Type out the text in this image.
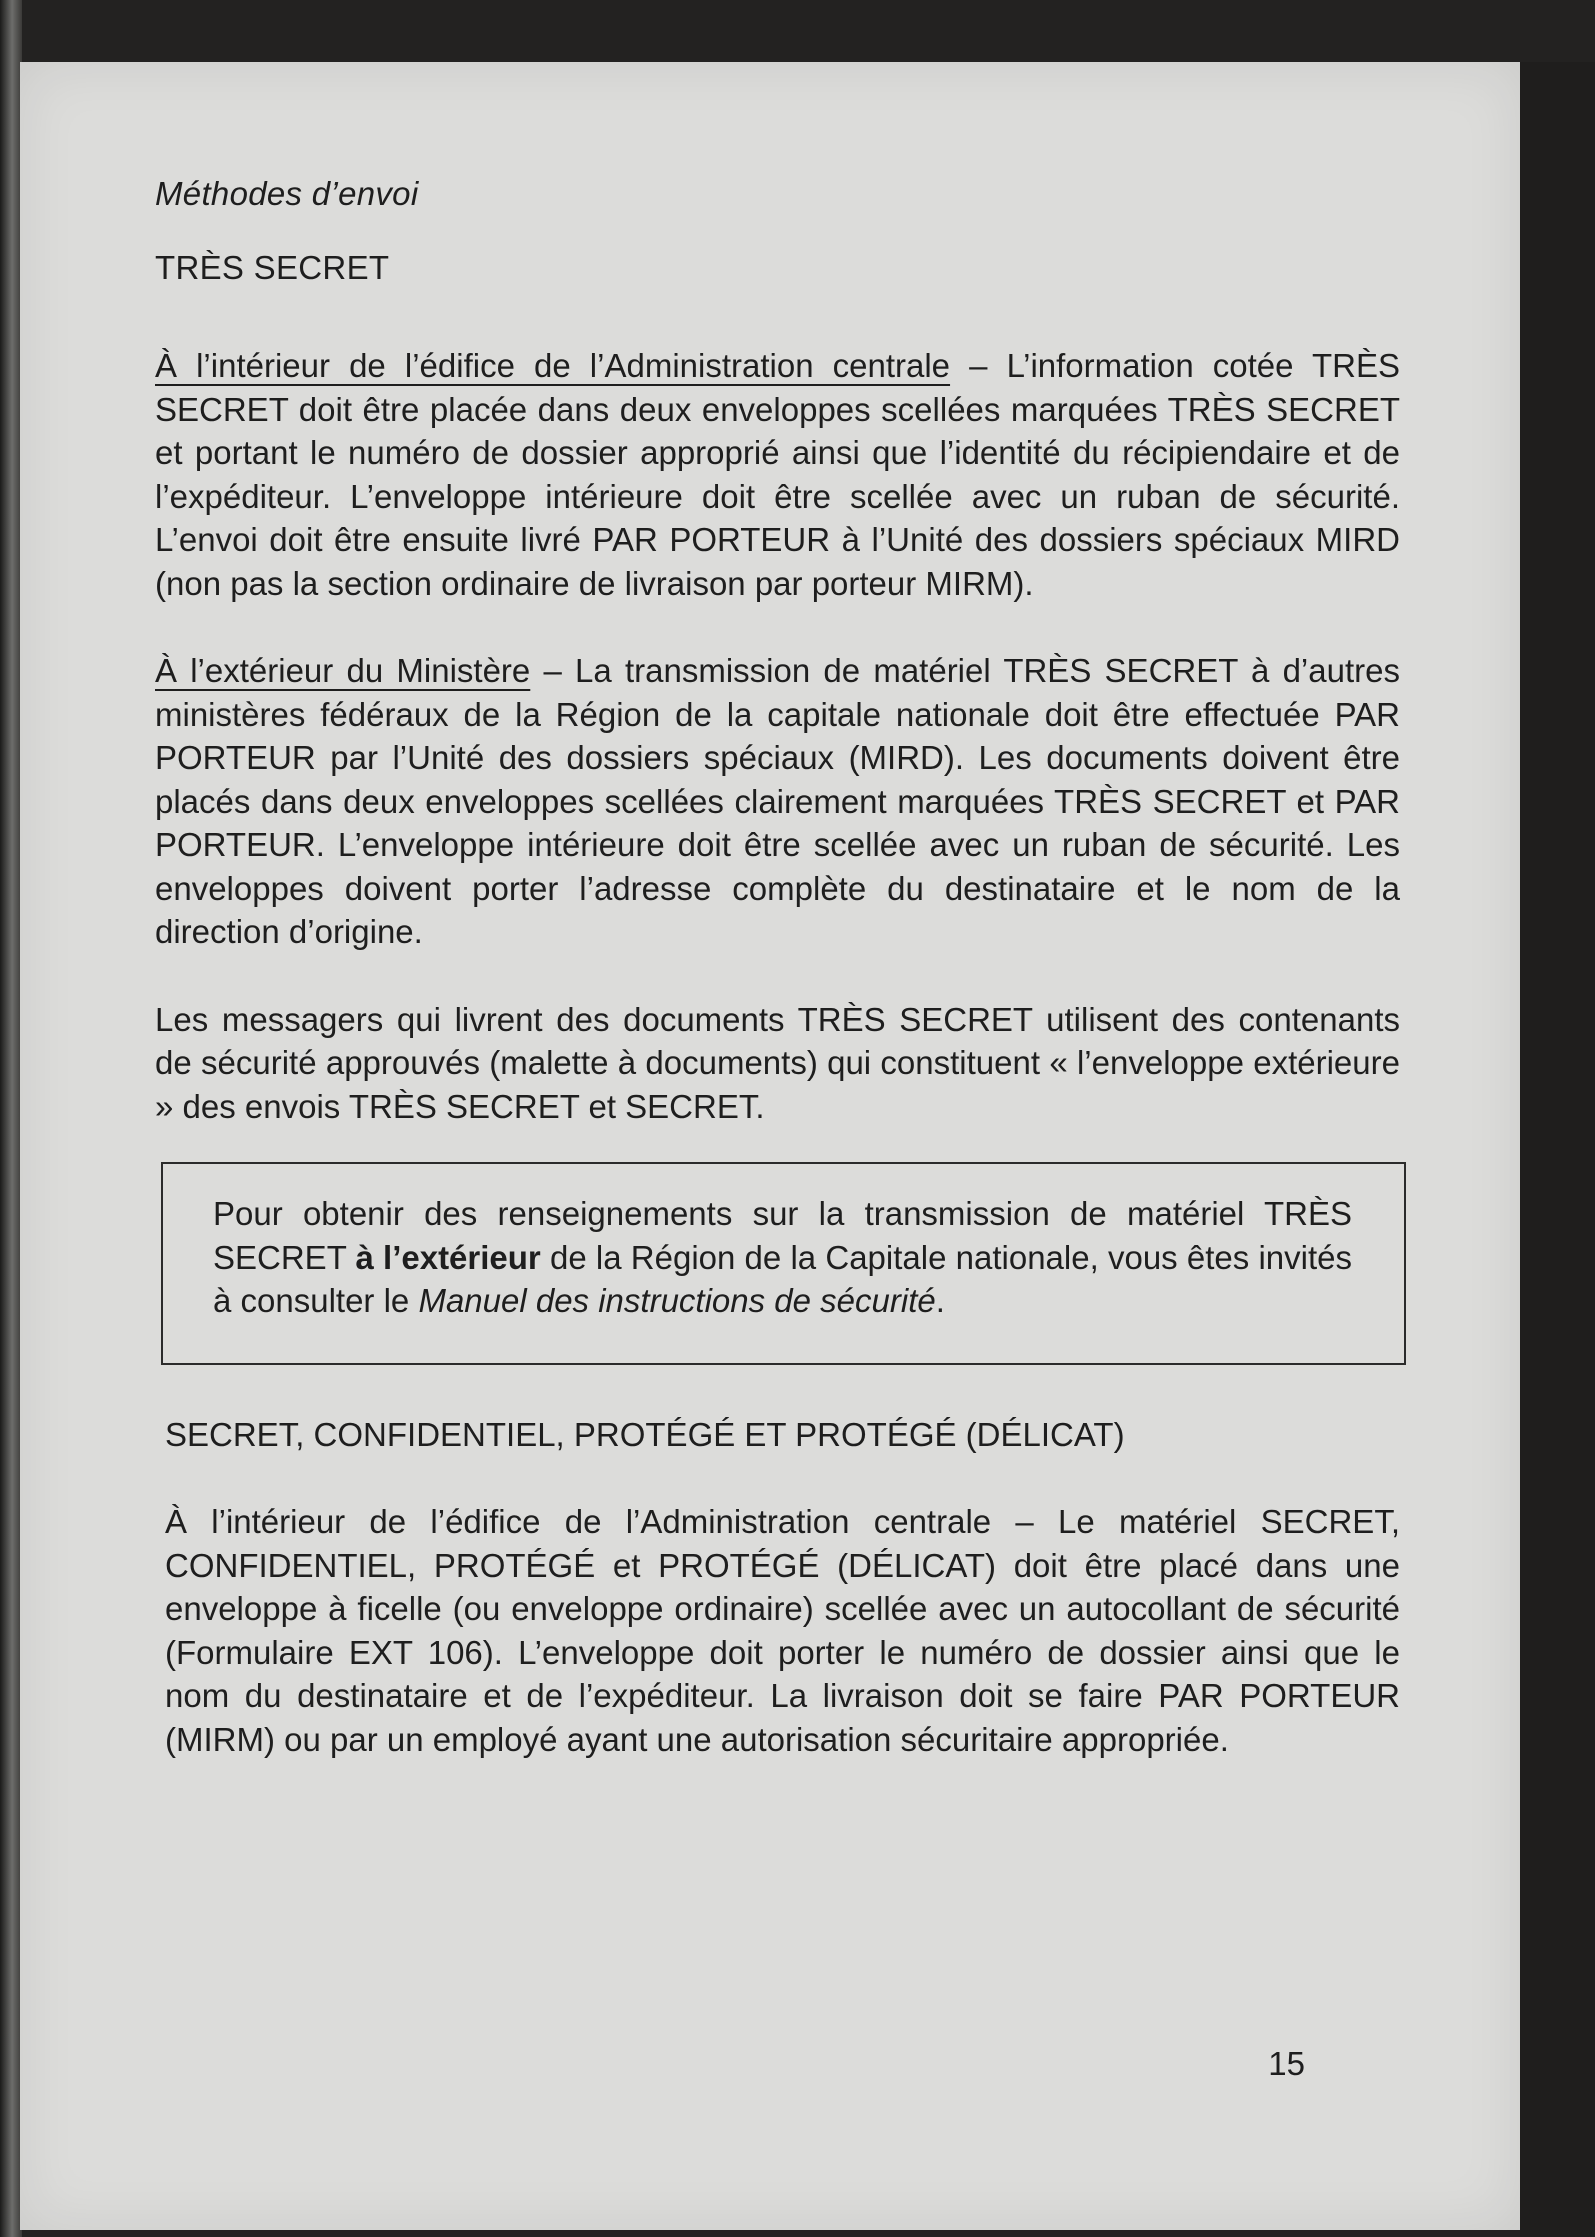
Méthodes d’envoi

TRÈS SECRET

À l’intérieur de l’édifice de l’Administration centrale – L’information cotée TRÈS SECRET doit être placée dans deux enveloppes scellées marquées TRÈS SECRET et portant le numéro de dossier approprié ainsi que l’identité du récipiendaire et de l’expéditeur. L’enveloppe intérieure doit être scellée avec un ruban de sécurité. L’envoi doit être ensuite livré PAR PORTEUR à l’Unité des dossiers spéciaux MIRD (non pas la section ordinaire de livraison par porteur MIRM).

À l’extérieur du Ministère – La transmission de matériel TRÈS SECRET à d’autres ministères fédéraux de la Région de la capitale nationale doit être effectuée PAR PORTEUR par l’Unité des dossiers spéciaux (MIRD). Les documents doivent être placés dans deux enveloppes scellées clairement marquées TRÈS SECRET et PAR PORTEUR. L’enveloppe intérieure doit être scellée avec un ruban de sécurité. Les enveloppes doivent porter l’adresse complète du destinataire et le nom de la direction d’origine.

Les messagers qui livrent des documents TRÈS SECRET utilisent des contenants de sécurité approuvés (malette à documents) qui constituent « l’enveloppe extérieure » des envois TRÈS SECRET et SECRET.

Pour obtenir des renseignements sur la transmission de matériel TRÈS SECRET à l’extérieur de la Région de la Capitale nationale, vous êtes invités à consulter le Manuel des instructions de sécurité.

SECRET, CONFIDENTIEL, PROTÉGÉ ET PROTÉGÉ (DÉLICAT)

À l’intérieur de l’édifice de l’Administration centrale – Le matériel SECRET, CONFIDENTIEL, PROTÉGÉ et PROTÉGÉ (DÉLICAT) doit être placé dans une enveloppe à ficelle (ou enveloppe ordinaire) scellée avec un autocollant de sécurité (Formulaire EXT 106). L’enveloppe doit porter le numéro de dossier ainsi que le nom du destinataire et de l’expéditeur. La livraison doit se faire PAR PORTEUR (MIRM) ou par un employé ayant une autorisation sécuritaire appropriée.

15
